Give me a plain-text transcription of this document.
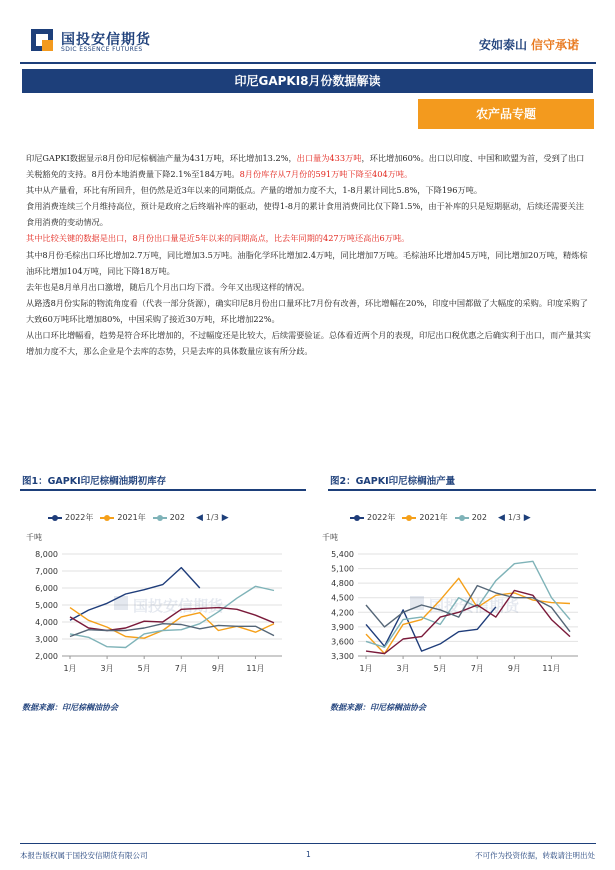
国投安信期货
SDIC ESSENCE FUTURES	安如泰山 信守承诺
印尼GAPKI8月份数据解读
农产品专题

印尼GAPKI数据显示8月份印尼棕榈油产量为431万吨，环比增加13.2%，出口量为433万吨，环比增加60%。出口以印度、中国和欧盟为首，受到了出口关税豁免的支持。8月份本地消费量下降2.1%至184万吨。8月份库存从7月份的591万吨下降至404万吨。

其中从产量看，环比有所回升，但仍然是近3年以来的同期低点。产量的增加力度不大，1-8月累计同比5.8%，下降196万吨。

食用消费连续三个月维持高位，预计是政府之后终端补库的驱动，使得1-8月的累计食用消费同比仅下降1.5%，由于补库的只是短期驱动，后续还需要关注食用消费的变动情况。

其中比较关键的数据是出口，8月份出口量是近5年以来的同期高点，比去年同期的427万吨还高出6万吨。

其中8月份毛棕出口环比增加2.7万吨，同比增加3.5万吨。油脂化学环比增加2.4万吨，同比增加7万吨。毛棕油环比增加45万吨，同比增加20万吨，精炼棕油环比增加104万吨，同比下降18万吨。

去年也是8月单月出口激增，随后几个月出口均下滑。今年又出现这样的情况。

从路透8月份实际的物流角度看（代表一部分货源），确实印尼8月份出口量环比7月份有改善，环比增幅在20%，印度中国都做了大幅度的采购。印度采购了大致60万吨环比增加80%，中国采购了接近30万吨，环比增加22%。

从出口环比增幅看，趋势是符合环比增加的，不过幅度还是比较大，后续需要验证。总体看近两个月的表现，印尼出口税优惠之后确实利于出口，而产量其实增加力度不大，那么企业是个去库的态势，只是去库的具体数量应该有所分歧。

图1：GAPKI印尼棕榈油期初库存
2022年	2021年	202 ◀ 1/3 ▶
千吨
2,000
3,000
4,000
5,000
6,000
7,000
8,000
1月	3月	5月	7月	9月	11月
国投安信期货
数据来源：印尼棕榈油协会
图2：GAPKI印尼棕榈油产量
2022年	2021年	202 ◀ 1/3 ▶
千吨
3,300
3,600
3,900
4,200
4,500
4,800
5,100
5,400
1月	3月	5月	7月	9月	11月
国投安信期货
数据来源：印尼棕榈油协会
本报告版权属于国投安信期货有限公司	1	不可作为投资依据，转载请注明出处
